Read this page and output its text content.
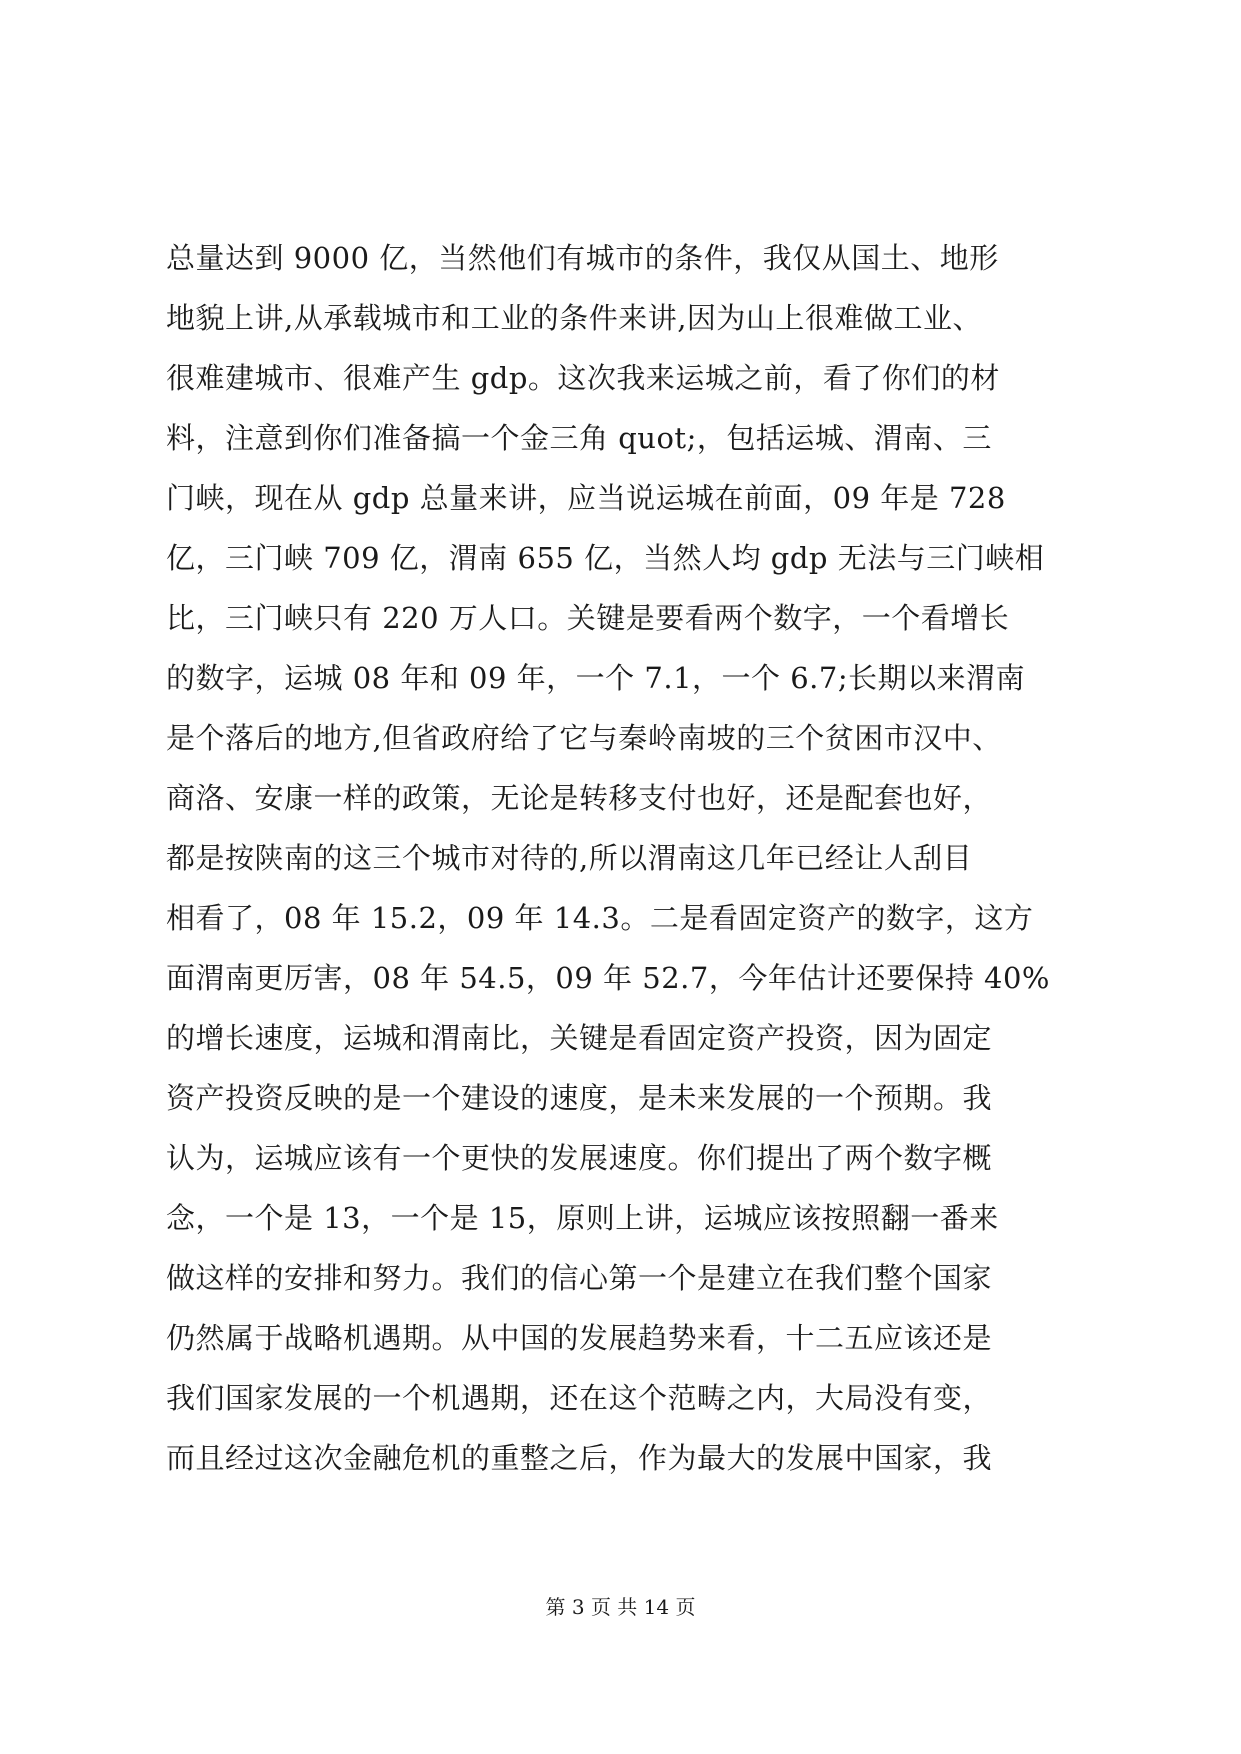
总量达到 9000 亿，当然他们有城市的条件，我仅从国土、地形
地貌上讲,从承载城市和工业的条件来讲,因为山上很难做工业、
很难建城市、很难产生 gdp。这次我来运城之前，看了你们的材
料，注意到你们准备搞一个金三角 quot;，包括运城、渭南、三
门峡，现在从 gdp 总量来讲，应当说运城在前面，09 年是 728
亿，三门峡 709 亿，渭南 655 亿，当然人均 gdp 无法与三门峡相
比，三门峡只有 220 万人口。关键是要看两个数字，一个看增长
的数字，运城 08 年和 09 年，一个 7.1，一个 6.7;长期以来渭南
是个落后的地方,但省政府给了它与秦岭南坡的三个贫困市汉中、
商洛、安康一样的政策，无论是转移支付也好，还是配套也好，
都是按陕南的这三个城市对待的,所以渭南这几年已经让人刮目
相看了，08 年 15.2，09 年 14.3。二是看固定资产的数字，这方
面渭南更厉害，08 年 54.5，09 年 52.7，今年估计还要保持 40%
的增长速度，运城和渭南比，关键是看固定资产投资，因为固定
资产投资反映的是一个建设的速度，是未来发展的一个预期。我
认为，运城应该有一个更快的发展速度。你们提出了两个数字概
念，一个是 13，一个是 15，原则上讲，运城应该按照翻一番来
做这样的安排和努力。我们的信心第一个是建立在我们整个国家
仍然属于战略机遇期。从中国的发展趋势来看，十二五应该还是
我们国家发展的一个机遇期，还在这个范畴之内，大局没有变，
而且经过这次金融危机的重整之后，作为最大的发展中国家，我
第 3 页 共 14 页
